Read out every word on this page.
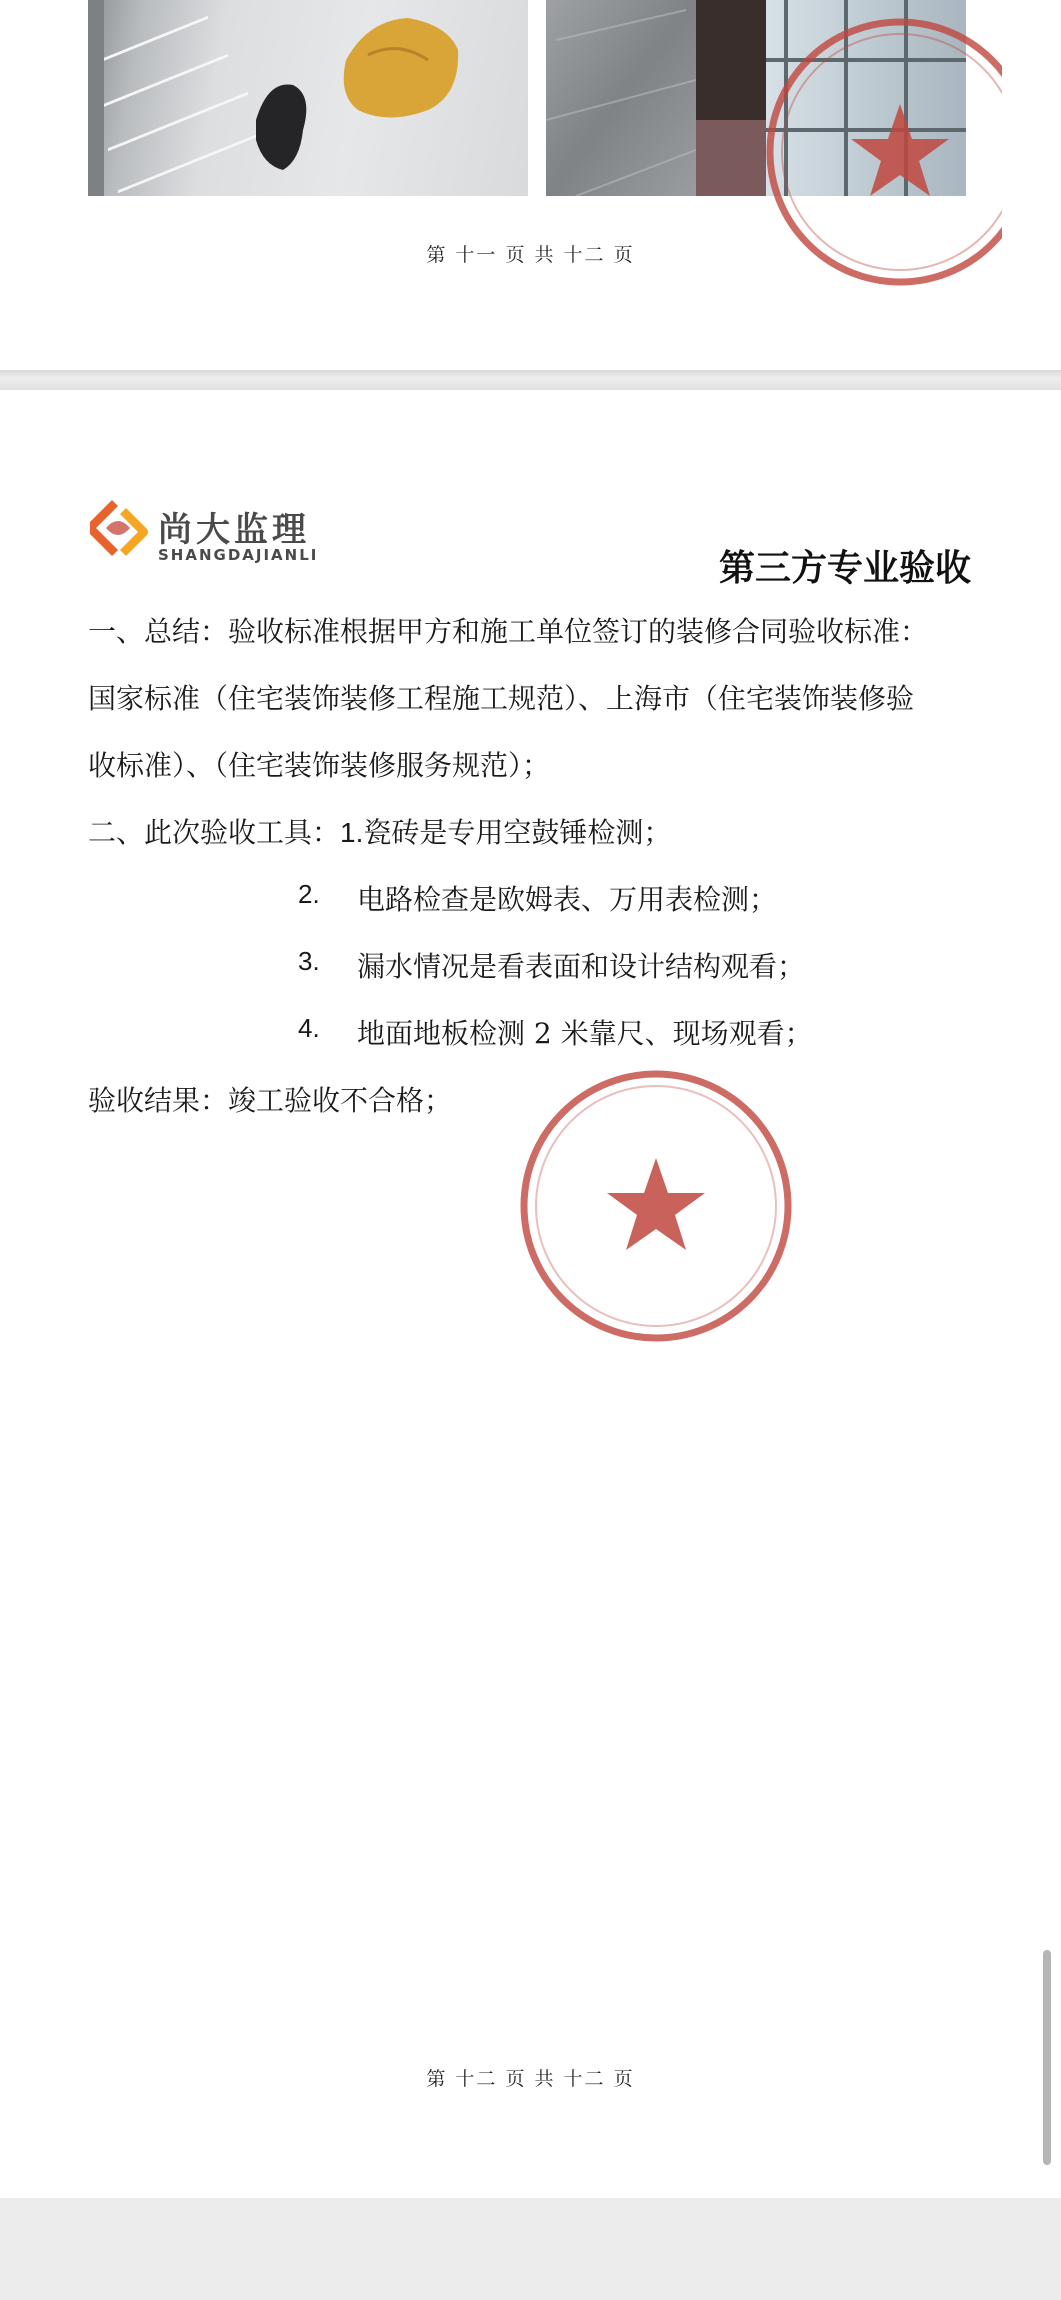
第 十一 页 共 十二 页
尚大监理
SHANGDAJIANLI	第三方专业验收
一、总结：验收标准根据甲方和施工单位签订的装修合同验收标准：
国家标准（住宅装饰装修工程施工规范）、上海市（住宅装饰装修验
收标准）、（住宅装饰装修服务规范）；
二、此次验收工具：1.瓷砖是专用空鼓锤检测；
2. 电路检查是欧姆表、万用表检测；
3. 漏水情况是看表面和设计结构观看；
4. 地面地板检测 2 米靠尺、现场观看；
验收结果：竣工验收不合格；
第 十二 页 共 十二 页
